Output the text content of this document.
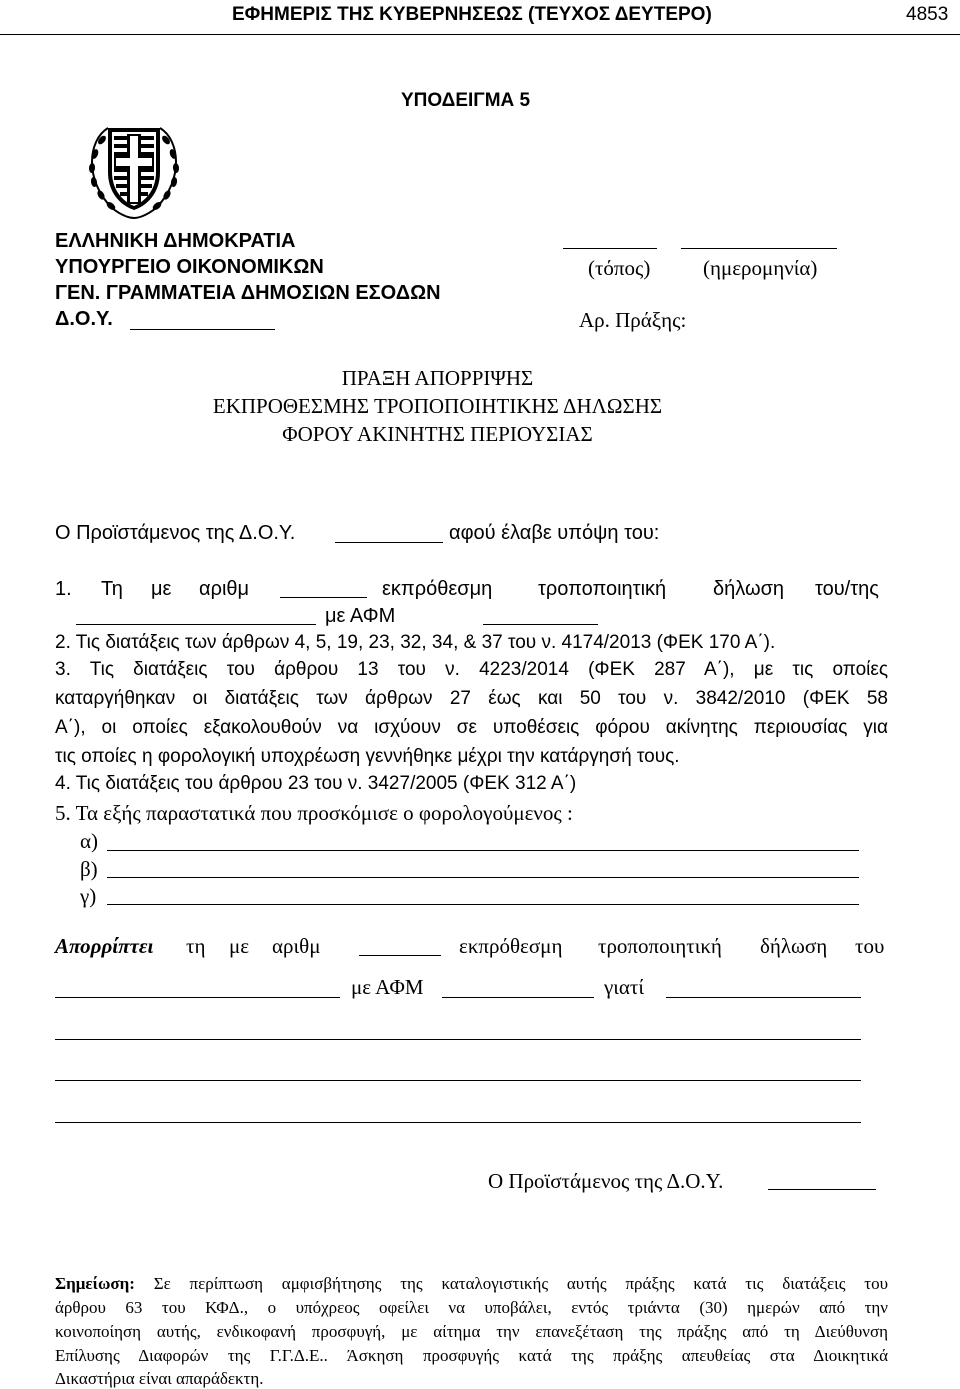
ΕΦΗΜΕΡΙΣ ΤΗΣ ΚΥΒΕΡΝΗΣΕΩΣ (ΤΕΥΧΟΣ ΔΕΥΤΕΡΟ)	4853
ΥΠΟΔΕΙΓΜΑ 5
ΕΛΛΗΝΙΚΗ ΔΗΜΟΚΡΑΤΙΑ
ΥΠΟΥΡΓΕΙΟ ΟΙΚΟΝΟΜΙΚΩΝ
ΓΕΝ. ΓΡΑΜΜΑΤΕΙΑ ΔΗΜΟΣΙΩΝ ΕΣΟΔΩΝ
Δ.Ο.Υ.
(τόπος)	(ημερομηνία)
Αρ. Πράξης:
ΠΡΑΞΗ ΑΠΟΡΡΙΨΗΣ
ΕΚΠΡΟΘΕΣΜΗΣ ΤΡΟΠΟΠΟΙΗΤΙΚΗΣ ΔΗΛΩΣΗΣ
ΦΟΡΟΥ ΑΚΙΝΗΤΗΣ ΠΕΡΙΟΥΣΙΑΣ
Ο Προϊστάμενος της Δ.Ο.Υ.	αφού έλαβε υπόψη του:
1. Τη με αριθμ	εκπρόθεσμη τροποποιητική δήλωση του/της
με ΑΦΜ
2. Τις διατάξεις των άρθρων 4, 5, 19, 23, 32, 34, & 37 του ν. 4174/2013 (ΦΕΚ 170 Α΄).
3. Τις διατάξεις του άρθρου 13 του ν. 4223/2014 (ΦΕΚ 287 Α΄), με τις οποίες
καταργήθηκαν οι διατάξεις των άρθρων 27 έως και 50 του ν. 3842/2010 (ΦΕΚ 58
Α΄), οι οποίες εξακολουθούν να ισχύουν σε υποθέσεις φόρου ακίνητης περιουσίας για
τις οποίες η φορολογική υποχρέωση γεννήθηκε μέχρι την κατάργησή τους.
4. Τις διατάξεις του άρθρου 23 του ν. 3427/2005 (ΦΕΚ 312 Α΄)
5. Τα εξής παραστατικά που προσκόμισε ο φορολογούμενος :
α)
β)
γ)
Απορρίπτει τη με αριθμ	εκπρόθεσμη τροποποιητική δήλωση του
με ΑΦΜ	γιατί
Ο Προϊστάμενος της Δ.Ο.Υ.
Σημείωση: Σε περίπτωση αμφισβήτησης της καταλογιστικής αυτής πράξης κατά τις διατάξεις του
άρθρου 63 του ΚΦΔ., ο υπόχρεος οφείλει να υποβάλει, εντός τριάντα (30) ημερών από την
κοινοποίηση αυτής, ενδικοφανή προσφυγή, με αίτημα την επανεξέταση της πράξης από τη Διεύθυνση
Επίλυσης Διαφορών της Γ.Γ.Δ.Ε.. Άσκηση προσφυγής κατά της πράξης απευθείας στα Διοικητικά
Δικαστήρια είναι απαράδεκτη.
